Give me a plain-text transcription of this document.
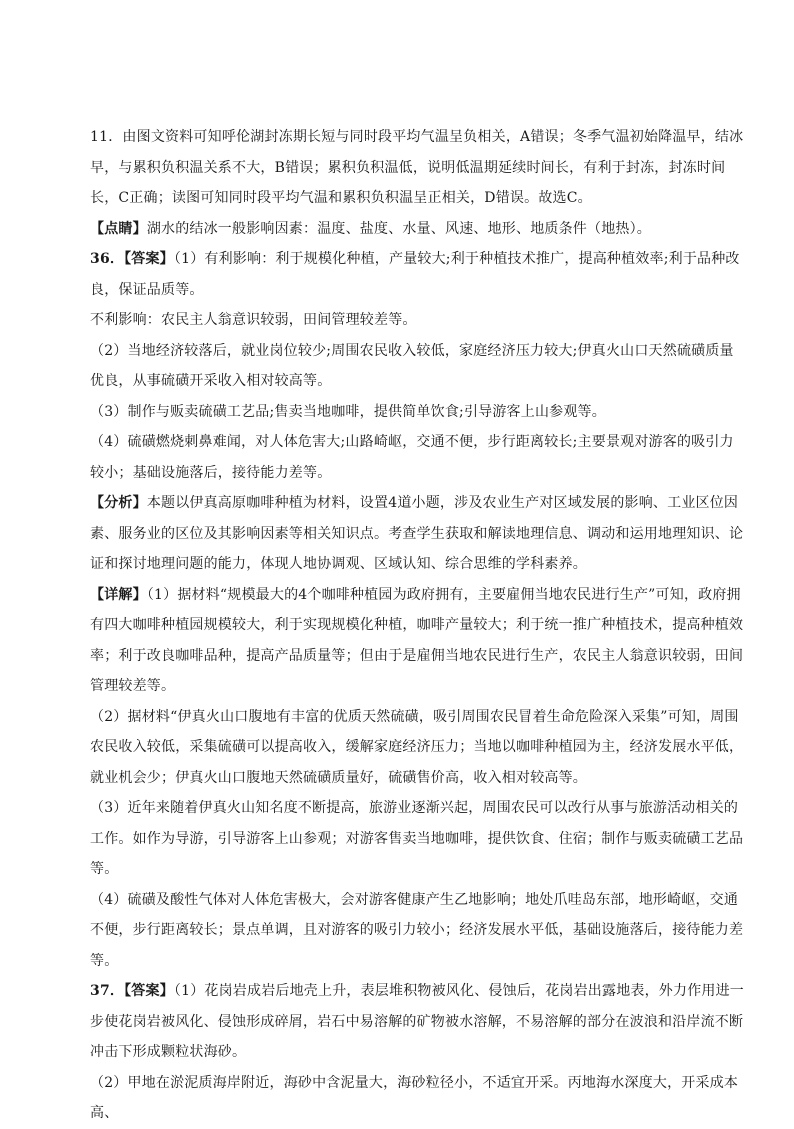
11．由图文资料可知呼伦湖封冻期长短与同时段平均气温呈负相关，A错误；冬季气温初始降温早，结冰早，与累积负积温关系不大，B错误；累积负积温低，说明低温期延续时间长，有利于封冻，封冻时间长，C正确；读图可知同时段平均气温和累积负积温呈正相关，D错误。故选C。

【点睛】湖水的结冰一般影响因素：温度、盐度、水量、风速、地形、地质条件（地热）。

36．【答案】（1）有利影响：利于规模化种植，产量较大;利于种植技术推广，提高种植效率;利于品种改良，保证品质等。

不利影响：农民主人翁意识较弱，田间管理较差等。

（2）当地经济较落后，就业岗位较少;周围农民收入较低，家庭经济压力较大;伊真火山口天然硫磺质量优良，从事硫磺开采收入相对较高等。

（3）制作与贩卖硫磺工艺品;售卖当地咖啡，提供简单饮食;引导游客上山参观等。

（4）硫磺燃烧刺鼻难闻，对人体危害大;山路崎岖，交通不便，步行距离较长;主要景观对游客的吸引力较小；基础设施落后，接待能力差等。

【分析】本题以伊真高原咖啡种植为材料，设置4道小题，涉及农业生产对区域发展的影响、工业区位因素、服务业的区位及其影响因素等相关知识点。考查学生获取和解读地理信息、调动和运用地理知识、论证和探讨地理问题的能力，体现人地协调观、区域认知、综合思维的学科素养。

【详解】（1）据材料“规模最大的4个咖啡种植园为政府拥有，主要雇佣当地农民进行生产”可知，政府拥有四大咖啡种植园规模较大，利于实现规模化种植，咖啡产量较大；利于统一推广种植技术，提高种植效率；利于改良咖啡品种，提高产品质量等；但由于是雇佣当地农民进行生产，农民主人翁意识较弱，田间管理较差等。

（2）据材料“伊真火山口腹地有丰富的优质天然硫磺，吸引周围农民冒着生命危险深入采集”可知，周围农民收入较低，采集硫磺可以提高收入，缓解家庭经济压力；当地以咖啡种植园为主，经济发展水平低，就业机会少；伊真火山口腹地天然硫磺质量好，硫磺售价高，收入相对较高等。

（3）近年来随着伊真火山知名度不断提高，旅游业逐渐兴起，周围农民可以改行从事与旅游活动相关的工作。如作为导游，引导游客上山参观；对游客售卖当地咖啡，提供饮食、住宿；制作与贩卖硫磺工艺品等。

（4）硫磺及酸性气体对人体危害极大，会对游客健康产生乙地影响；地处爪哇岛东部，地形崎岖，交通不便，步行距离较长；景点单调，且对游客的吸引力较小；经济发展水平低，基础设施落后，接待能力差等。

37．【答案】（1）花岗岩成岩后地壳上升，表层堆积物被风化、侵蚀后，花岗岩出露地表，外力作用进一步使花岗岩被风化、侵蚀形成碎屑，岩石中易溶解的矿物被水溶解，不易溶解的部分在波浪和沿岸流不断冲击下形成颗粒状海砂。

（2）甲地在淤泥质海岸附近，海砂中含泥量大，海砂粒径小，不适宜开采。丙地海水深度大，开采成本高、
